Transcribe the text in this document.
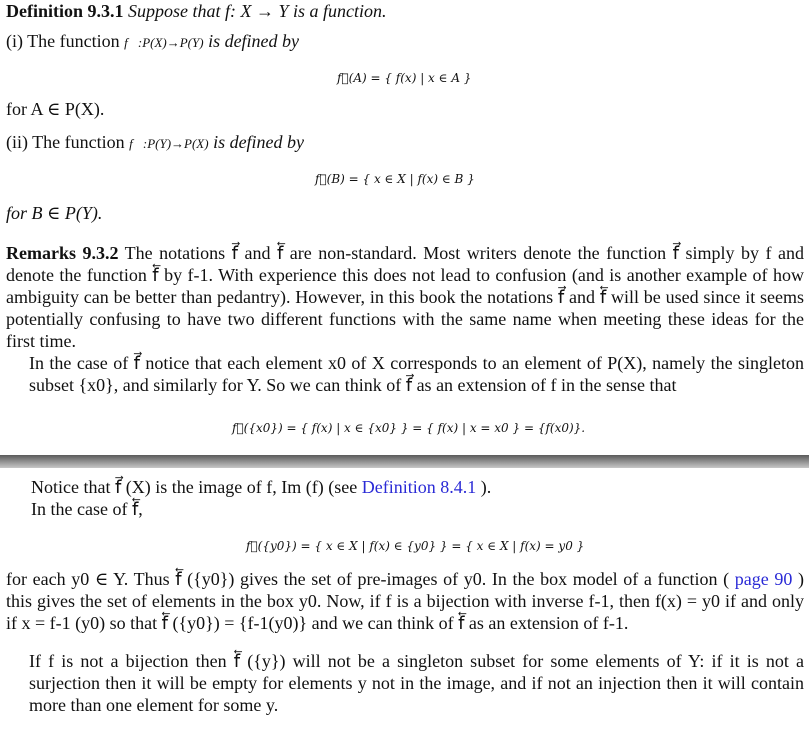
Definition 9.3.1 Suppose that f: X → Y is a function.
(i) The function f⃗:P(X)→P(Y) is defined by
f⃗(A) = { f(x) | x ∈ A }
for A ∈ P(X).
(ii) The function f⃖:P(Y)→P(X) is defined by
f⃖(B) = { x ∈ X | f(x) ∈ B }
for B ∈ P(Y).
Remarks 9.3.2 The notations f⃗ and f⃖ are non-standard. Most writers denote the function f⃗ simply by f and denote the function f⃖ by f-1. With experience this does not lead to confusion (and is another example of how ambiguity can be better than pedantry). However, in this book the notations f⃗ and f⃖ will be used since it seems potentially confusing to have two different functions with the same name when meeting these ideas for the first time.
In the case of f⃗ notice that each element x0 of X corresponds to an element of P(X), namely the singleton subset {x0}, and similarly for Y. So we can think of f⃗ as an extension of f in the sense that
f⃗({x0}) = { f(x) | x ∈ {x0} } = { f(x) | x = x0 } = {f(x0)}.
Notice that f⃗ (X) is the image of f, Im (f) (see Definition 8.4.1 ).
In the case of f⃖,
f⃖({y0}) = { x ∈ X | f(x) ∈ {y0} } = { x ∈ X | f(x) = y0 }
for each y0 ∈ Y. Thus f⃖ ({y0}) gives the set of pre-images of y0. In the box model of a function ( page 90 ) this gives the set of elements in the box y0. Now, if f is a bijection with inverse f-1, then f(x) = y0 if and only if x = f-1 (y0) so that f⃖ ({y0}) = {f-1(y0)} and we can think of f⃖ as an extension of f-1.
If f is not a bijection then f⃖ ({y}) will not be a singleton subset for some elements of Y: if it is not a surjection then it will be empty for elements y not in the image, and if not an injection then it will contain more than one element for some y.
